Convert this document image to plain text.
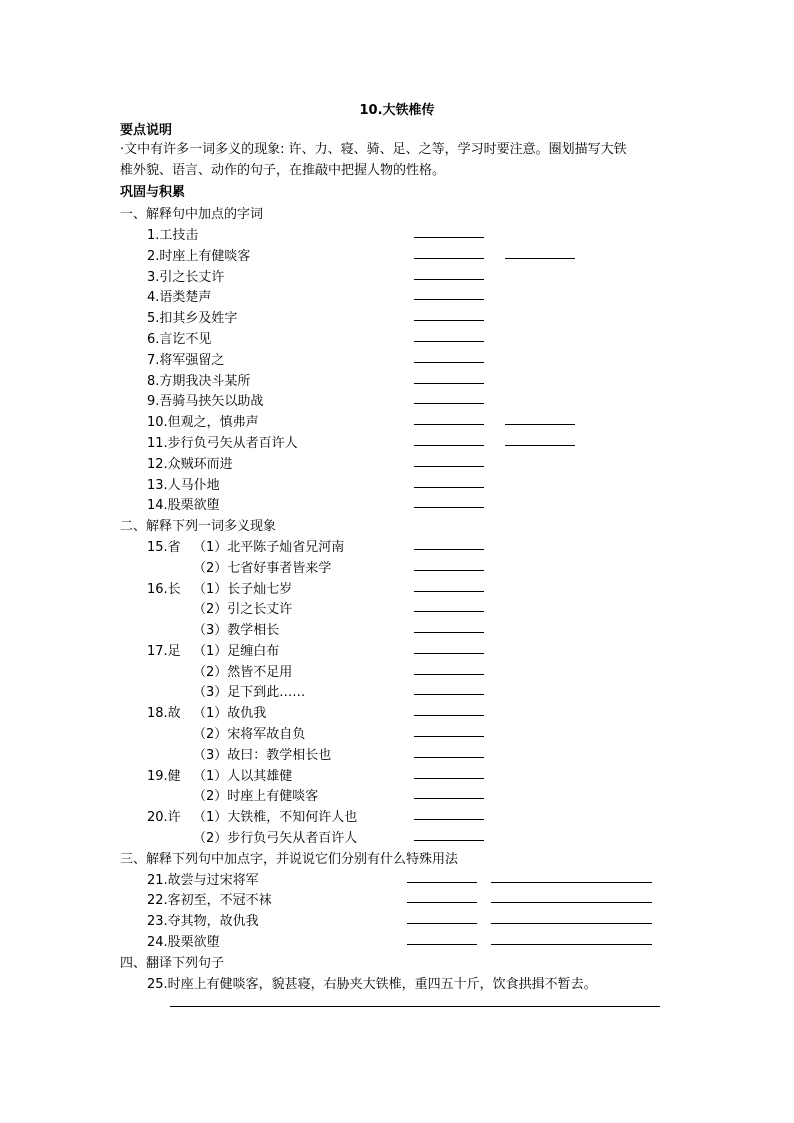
10.大铁椎传
要点说明
·文中有许多一词多义的现象: 许、力、寝、骑、足、之等，学习时要注意。圈划描写大铁
椎外貌、语言、动作的句子，在推敲中把握人物的性格。
巩固与积累
一、解释句中加点的字词
1.工技击
2.时座上有健啖客
3.引之长丈许
4.语类楚声
5.扣其乡及姓字
6.言讫不见
7.将军强留之
8.方期我决斗某所
9.吾骑马挟矢以助战
10.但观之，慎弗声
11.步行负弓矢从者百许人
12.众贼环而进
13.人马仆地
14.股栗欲堕
二、解释下列一词多义现象
15.省 （1）北平陈子灿省兄河南
（2）七省好事者皆来学
16.长 （1）长子灿七岁
（2）引之长丈许
（3）教学相长
17.足 （1）足缠白布
（2）然皆不足用
（3）足下到此……
18.故 （1）故仇我
（2）宋将军故自负
（3）故曰：教学相长也
19.健 （1）人以其雄健
（2）时座上有健啖客
20.许 （1）大铁椎，不知何许人也
（2）步行负弓矢从者百许人
三、解释下列句中加点字，并说说它们分别有什么特殊用法
21.故尝与过宋将军
22.客初至，不冠不袜
23.夺其物，故仇我
24.股栗欲堕
四、翻译下列句子
25.时座上有健啖客，貌甚寝，右胁夹大铁椎，重四五十斤，饮食拱揖不暂去。
